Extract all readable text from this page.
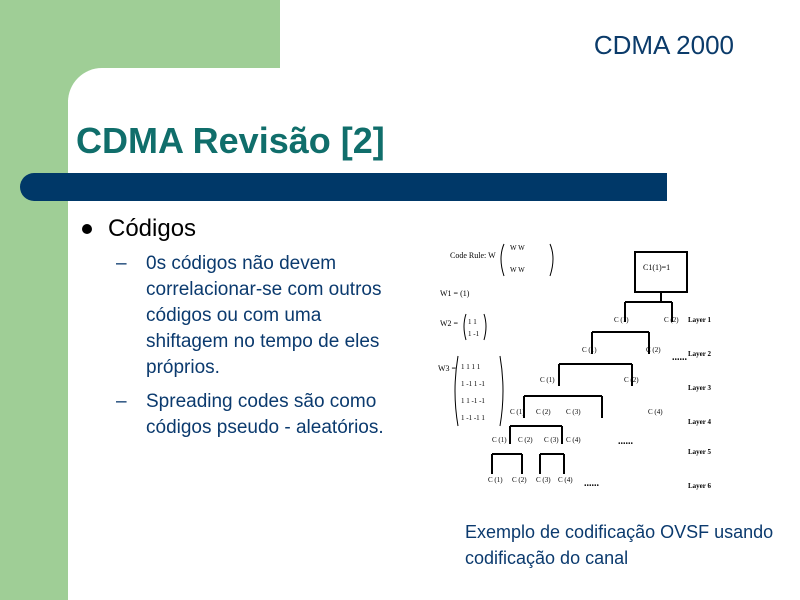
CDMA 2000
CDMA Revisão [2]
Códigos
–	0s códigos não devem correlacionar-se com outros códigos ou com uma shiftagem no tempo de eles próprios.
–	Spreading codes são como códigos pseudo - aleatórios.
Code Rule: W
W W
W W
W1 = (1)
W2 = 1 1
1 -1
W3 = 1 1 1 1
1 -1 1 -1
1 1 -1 -1
1 -1 -1 1
C1(1)=1
C (1)	C (2)
C (1)	C (2)
C (1)	C (2)
C (1) C (2) C (3)	C (4)
C (1) C (2) C (3) C (4)
C (1) C (2) C (3) C (4)
......
......
......
Layer 1
Layer 2
Layer 3
Layer 4
Layer 5
Layer 6
Exemplo de codificação OVSF usando codificação do canal
